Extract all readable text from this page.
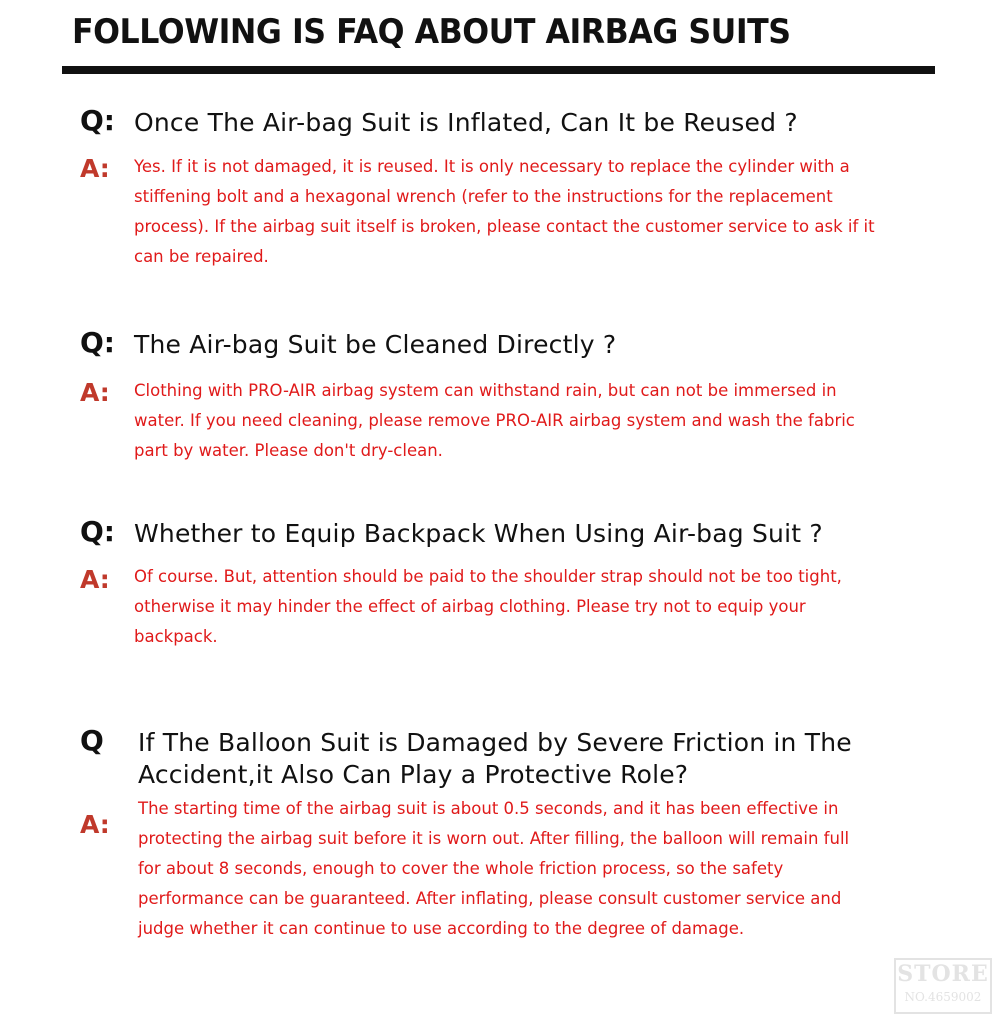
FOLLOWING IS FAQ ABOUT AIRBAG SUITS
Q: Once The Air-bag Suit is Inflated, Can It be Reused ?
A: Yes. If it is not damaged, it is reused. It is only necessary to replace the cylinder with a
stiffening bolt and a hexagonal wrench (refer to the instructions for the replacement
process). If the airbag suit itself is broken, please contact the customer service to ask if it
can be repaired.
Q: The Air-bag Suit be Cleaned Directly ?
A: Clothing with PRO-AIR airbag system can withstand rain, but can not be immersed in
water. If you need cleaning, please remove PRO-AIR airbag system and wash the fabric
part by water. Please don't dry-clean.
Q: Whether to Equip Backpack When Using Air-bag Suit ?
A: Of course. But, attention should be paid to the shoulder strap should not be too tight,
otherwise it may hinder the effect of airbag clothing. Please try not to equip your
backpack.
Q If The Balloon Suit is Damaged by Severe Friction in The
Accident,it Also Can Play a Protective Role?
A:
The starting time of the airbag suit is about 0.5 seconds, and it has been effective in
protecting the airbag suit before it is worn out. After filling, the balloon will remain full
for about 8 seconds, enough to cover the whole friction process, so the safety
performance can be guaranteed. After inflating, please consult customer service and
judge whether it can continue to use according to the degree of damage.
STORE
NO.4659002
